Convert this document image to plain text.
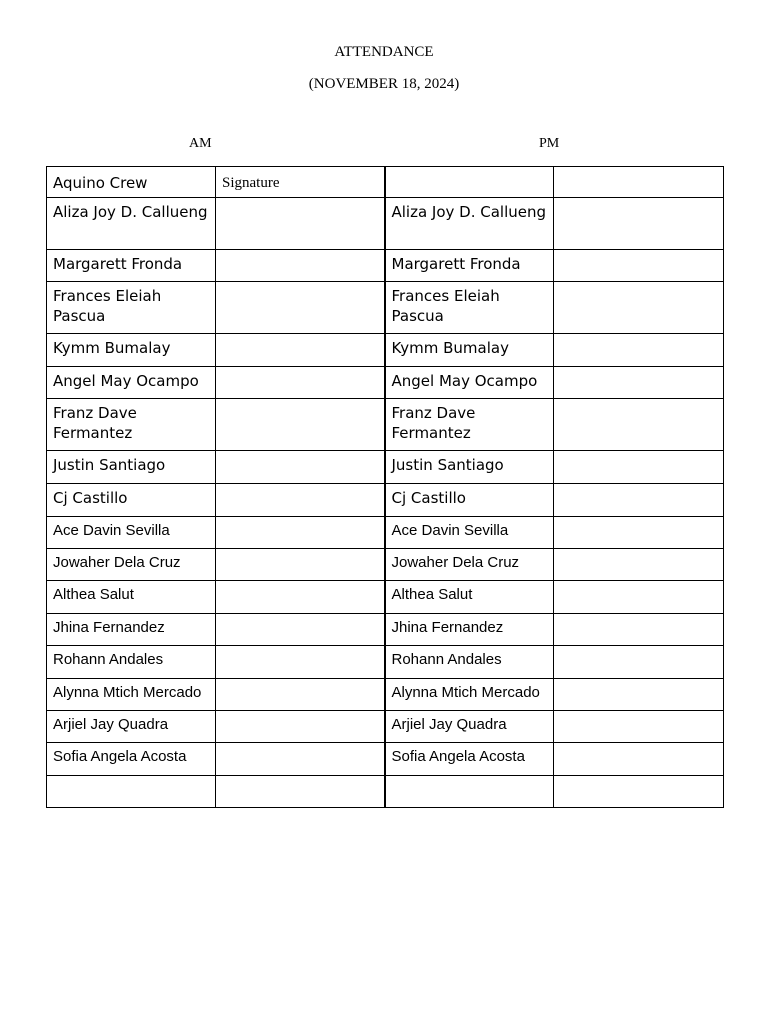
ATTENDANCE
(NOVEMBER 18, 2024)
AM	PM
Aquino Crew	Signature		
Aliza Joy D. Callueng		Aliza Joy D. Callueng	
Margarett Fronda		Margarett Fronda	
Frances Eleiah Pascua		Frances Eleiah Pascua	
Kymm Bumalay		Kymm Bumalay	
Angel May Ocampo		Angel May Ocampo	
Franz Dave Fermantez		Franz Dave Fermantez	
Justin Santiago		Justin Santiago	
Cj Castillo		Cj Castillo	
Ace Davin Sevilla		Ace Davin Sevilla	
Jowaher Dela Cruz		Jowaher Dela Cruz	
Althea Salut		Althea Salut	
Jhina Fernandez		Jhina Fernandez	
Rohann Andales		Rohann Andales	
Alynna Mtich Mercado		Alynna Mtich Mercado	
Arjiel Jay Quadra		Arjiel Jay Quadra	
Sofia Angela Acosta		Sofia Angela Acosta	
